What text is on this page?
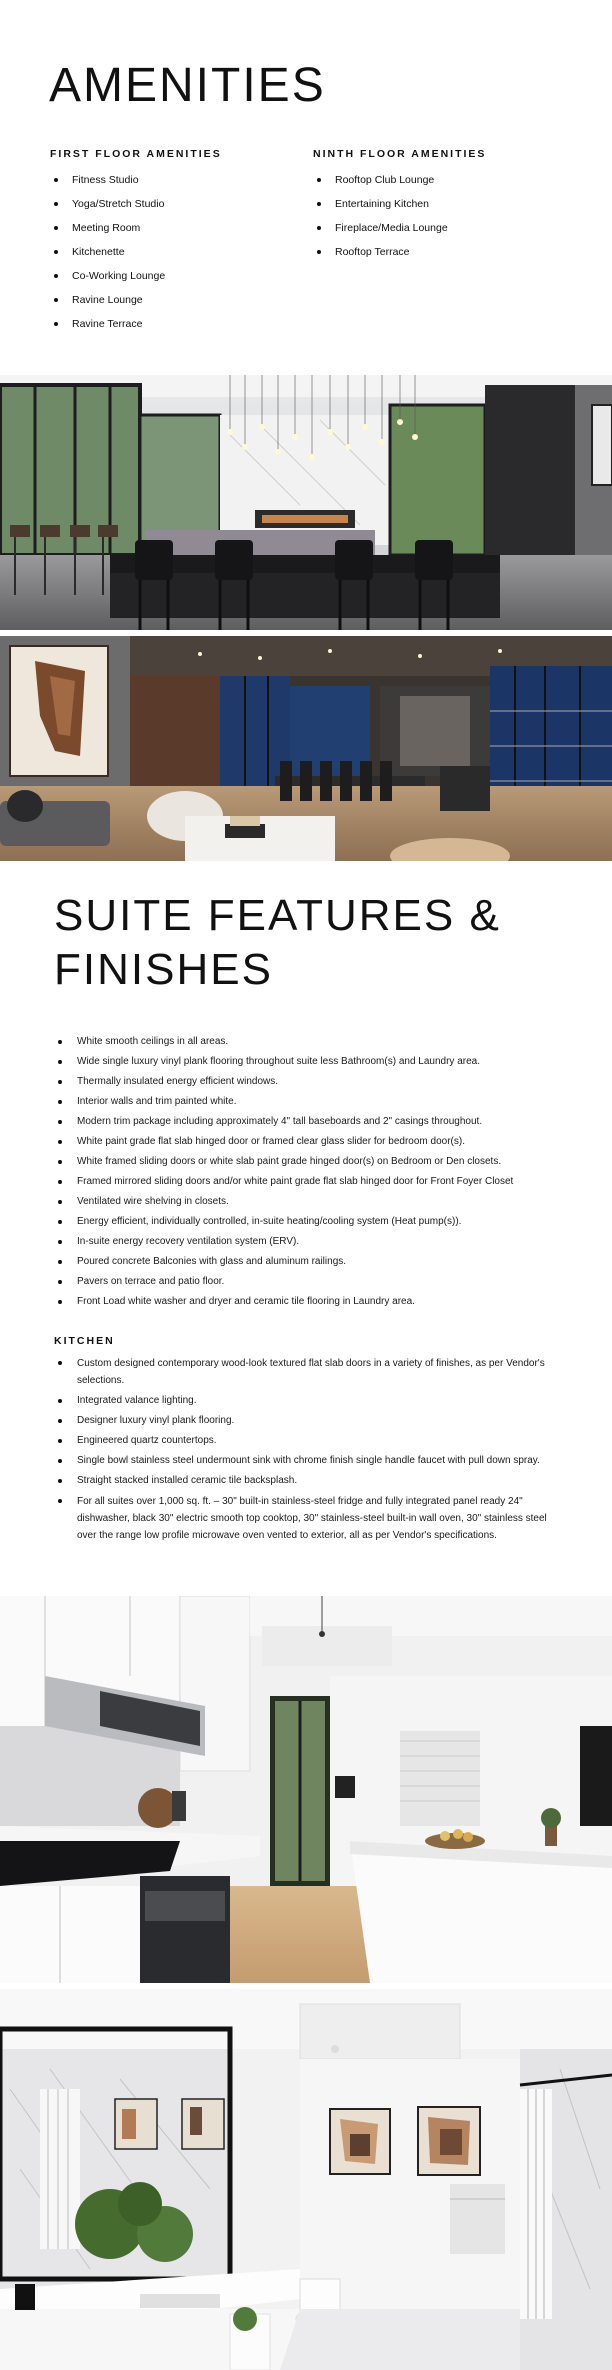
AMENITIES
FIRST FLOOR AMENITIES
Fitness Studio
Yoga/Stretch Studio
Meeting Room
Kitchenette
Co-Working Lounge
Ravine Lounge
Ravine Terrace
NINTH FLOOR AMENITIES
Rooftop Club Lounge
Entertaining Kitchen
Fireplace/Media Lounge
Rooftop Terrace
SUITE FEATURES &
FINISHES
White smooth ceilings in all areas.
Wide single luxury vinyl plank flooring throughout suite less Bathroom(s) and Laundry area.
Thermally insulated energy efficient windows.
Interior walls and trim painted white.
Modern trim package including approximately 4" tall baseboards and 2" casings throughout.
White paint grade flat slab hinged door or framed clear glass slider for bedroom door(s).
White framed sliding doors or white slab paint grade hinged door(s) on Bedroom or Den closets.
Framed mirrored sliding doors and/or white paint grade flat slab hinged door for Front Foyer Closet
Ventilated wire shelving in closets.
Energy efficient, individually controlled, in-suite heating/cooling system (Heat pump(s)).
In-suite energy recovery ventilation system (ERV).
Poured concrete Balconies with glass and aluminum railings.
Pavers on terrace and patio floor.
Front Load white washer and dryer and ceramic tile flooring in Laundry area.
KITCHEN
Custom designed contemporary wood-look textured flat slab doors in a variety of finishes, as per Vendor's selections.
Integrated valance lighting.
Designer luxury vinyl plank flooring.
Engineered quartz countertops.
Single bowl stainless steel undermount sink with chrome finish single handle faucet with pull down spray.
Straight stacked installed ceramic tile backsplash.
For all suites over 1,000 sq. ft. – 30" built-in stainless-steel fridge and fully integrated panel ready 24" dishwasher, black 30" electric smooth top cooktop, 30" stainless-steel built-in wall oven, 30" stainless steel over the range low profile microwave oven vented to exterior, all as per Vendor's specifications.
